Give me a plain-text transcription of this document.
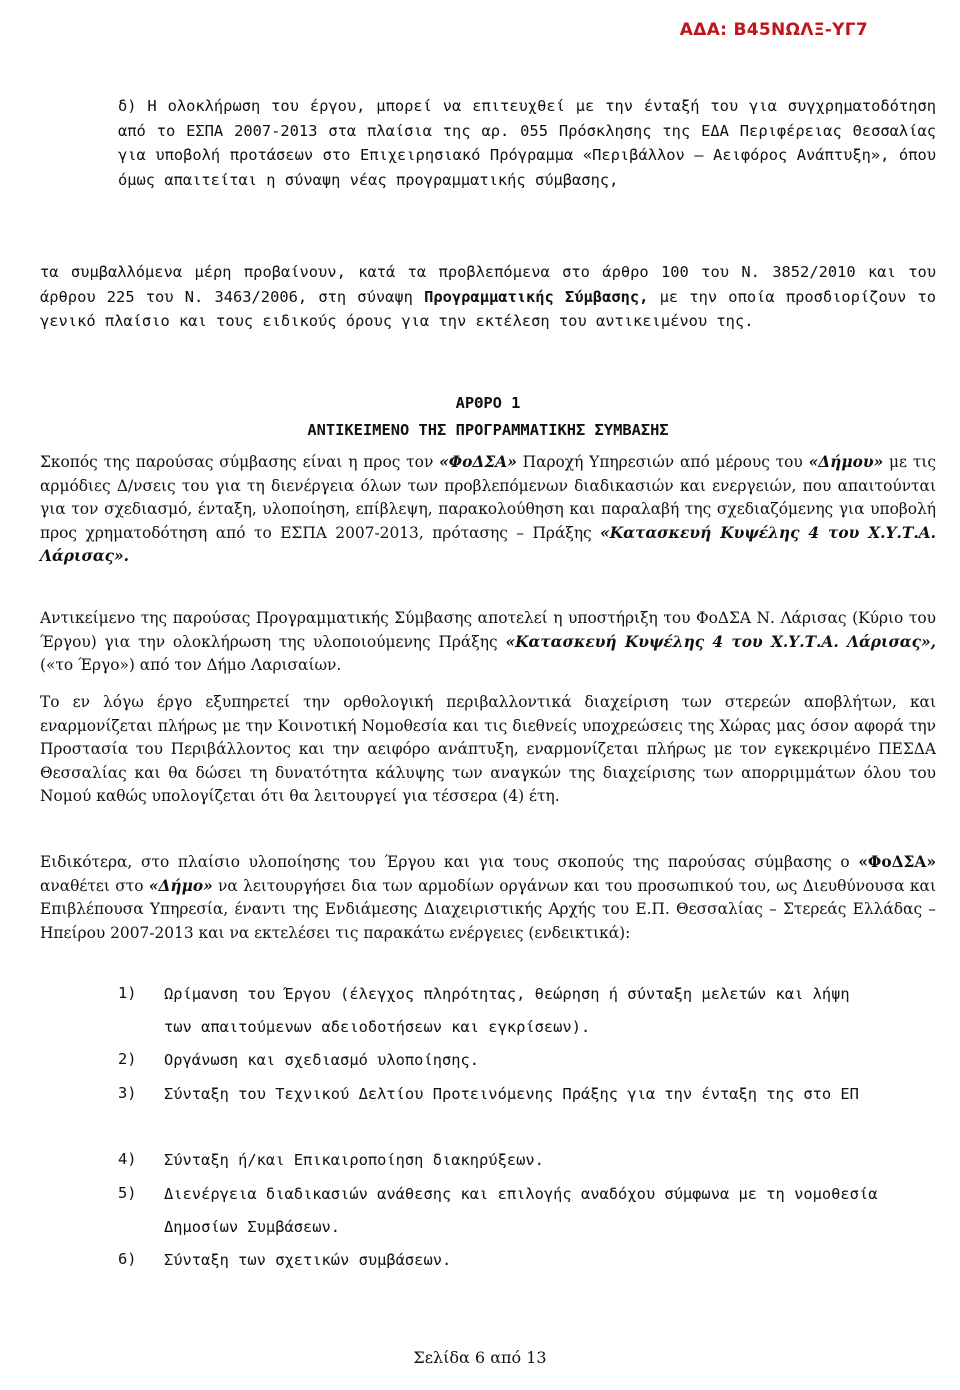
ΑΔΑ: Β45ΝΩΛΞ-ΥΓ7

δ) Η ολοκλήρωση του έργου, μπορεί να επιτευχθεί με την ένταξή του για συγχρηματοδότηση από το ΕΣΠΑ 2007-2013 στα πλαίσια της αρ. 055 Πρόσκλησης της ΕΔΑ Περιφέρειας Θεσσαλίας για υποβολή προτάσεων στο Επιχειρησιακό Πρόγραμμα «Περιβάλλον – Αειφόρος Ανάπτυξη», όπου όμως απαιτείται η σύναψη νέας προγραμματικής σύμβασης,

τα συμβαλλόμενα μέρη προβαίνουν, κατά τα προβλεπόμενα στο άρθρο 100 του Ν. 3852/2010 και του άρθρου 225 του Ν. 3463/2006, στη σύναψη Προγραμματικής Σύμβασης, με την οποία προσδιορίζουν το γενικό πλαίσιο και τους ειδικούς όρους για την εκτέλεση του αντικειμένου της.

ΑΡΘΡΟ 1
ΑΝΤΙΚΕΙΜΕΝΟ ΤΗΣ ΠΡΟΓΡΑΜΜΑΤΙΚΗΣ ΣΥΜΒΑΣΗΣ

Σκοπός της παρούσας σύμβασης είναι η προς τον «ΦοΔΣΑ» Παροχή Υπηρεσιών από μέρους του «Δήμου» με τις αρμόδιες Δ/νσεις του για τη διενέργεια όλων των προβλεπόμενων διαδικασιών και ενεργειών, που απαιτούνται για τον σχεδιασμό, ένταξη, υλοποίηση, επίβλεψη, παρακολούθηση και παραλαβή της σχεδιαζόμενης για υποβολή προς χρηματοδότηση από το ΕΣΠΑ 2007-2013, πρότασης – Πράξης «Κατασκευή Κυψέλης 4 του Χ.Υ.Τ.Α. Λάρισας».

Αντικείμενο της παρούσας Προγραμματικής Σύμβασης αποτελεί η υποστήριξη του ΦοΔΣΑ Ν. Λάρισας (Κύριο του Έργου) για την ολοκλήρωση της υλοποιούμενης Πράξης «Κατασκευή Κυψέλης 4 του Χ.Υ.Τ.Α. Λάρισας», («το Έργο») από τον Δήμο Λαρισαίων.

Το εν λόγω έργο εξυπηρετεί την ορθολογική περιβαλλοντικά διαχείριση των στερεών αποβλήτων, και εναρμονίζεται πλήρως με την Κοινοτική Νομοθεσία και τις διεθνείς υποχρεώσεις της Χώρας μας όσον αφορά την Προστασία του Περιβάλλοντος και την αειφόρο ανάπτυξη, εναρμονίζεται πλήρως με τον εγκεκριμένο ΠΕΣΔΑ Θεσσαλίας και θα δώσει τη δυνατότητα κάλυψης των αναγκών της διαχείρισης των απορριμμάτων όλου του Νομού καθώς υπολογίζεται ότι θα λειτουργεί για τέσσερα (4) έτη.

Ειδικότερα, στο πλαίσιο υλοποίησης του Έργου και για τους σκοπούς της παρούσας σύμβασης ο «ΦοΔΣΑ» αναθέτει στο «Δήμο» να λειτουργήσει δια των αρμοδίων οργάνων και του προσωπικού του, ως Διευθύνουσα και Επιβλέπουσα Υπηρεσία, έναντι της Ενδιάμεσης Διαχειριστικής Αρχής του Ε.Π. Θεσσαλίας – Στερεάς Ελλάδας – Ηπείρου 2007-2013 και να εκτελέσει τις παρακάτω ενέργειες (ενδεικτικά):

1) Ωρίμανση του Έργου (έλεγχος πληρότητας, θεώρηση ή σύνταξη μελετών και λήψη των απαιτούμενων αδειοδοτήσεων και εγκρίσεων).
2) Οργάνωση και σχεδιασμό υλοποίησης.
3) Σύνταξη του Τεχνικού Δελτίου Προτεινόμενης Πράξης για την ένταξη της στο ΕΠ
4) Σύνταξη ή/και Επικαιροποίηση διακηρύξεων.
5) Διενέργεια διαδικασιών ανάθεσης και επιλογής αναδόχου σύμφωνα με τη νομοθεσία Δημοσίων Συμβάσεων.
6) Σύνταξη των σχετικών συμβάσεων.
Σελίδα 6 από 13
